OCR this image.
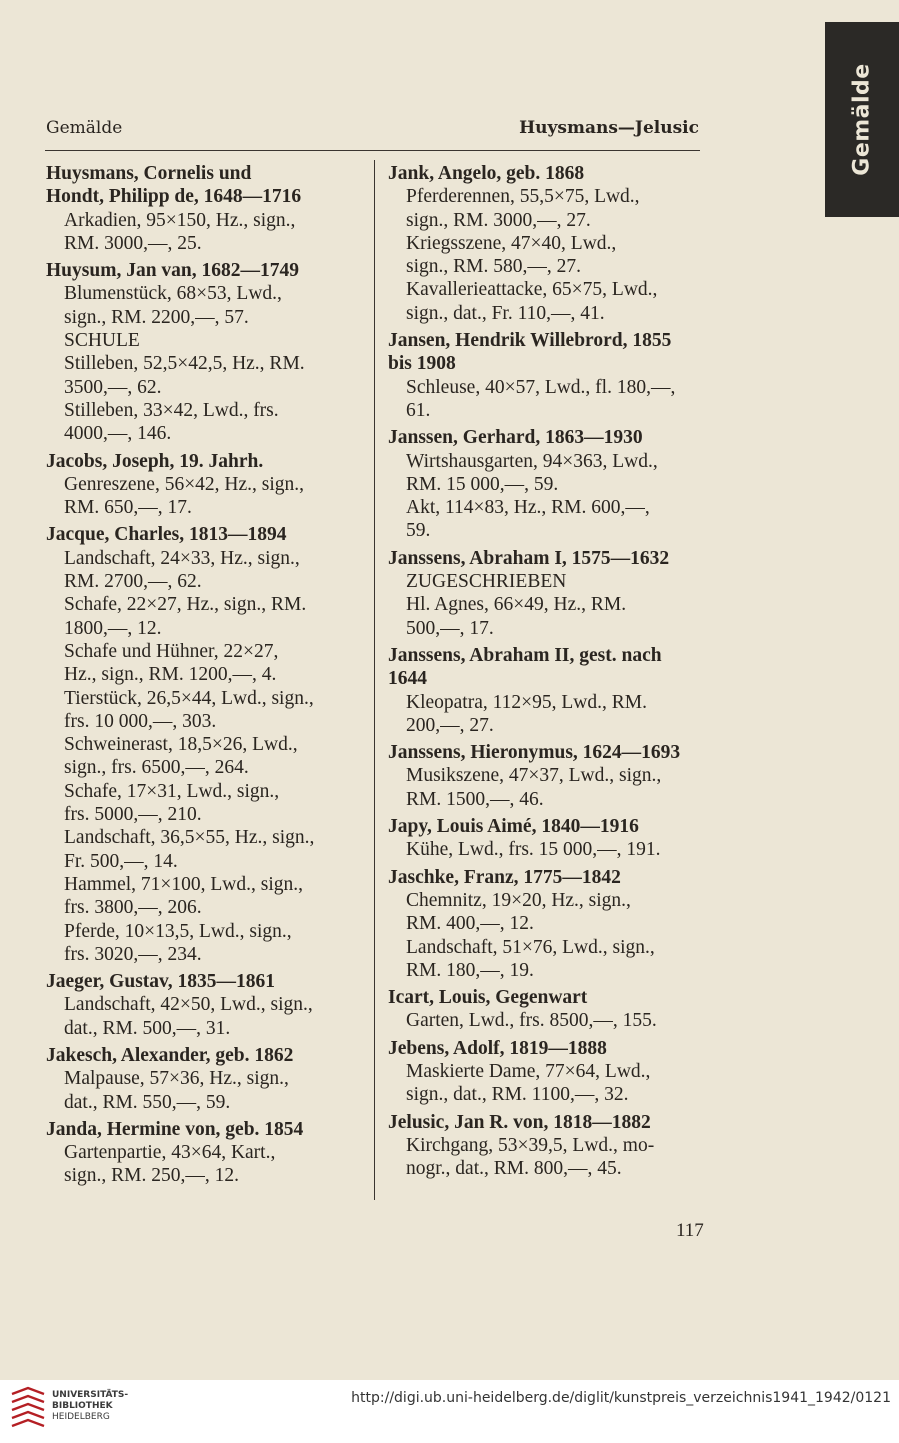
Gemälde
Gemälde	Huysmans—Jelusic
Huysmans, Cornelis und
Hondt, Philipp de, 1648—1716
Arkadien, 95×150, Hz., sign.,
RM. 3000,—, 25.
Huysum, Jan van, 1682—1749
Blumenstück, 68×53, Lwd.,
sign., RM. 2200,—, 57.
SCHULE
Stilleben, 52,5×42,5, Hz., RM.
3500,—, 62.
Stilleben, 33×42, Lwd., frs.
4000,—, 146.
Jacobs, Joseph, 19. Jahrh.
Genreszene, 56×42, Hz., sign.,
RM. 650,—, 17.
Jacque, Charles, 1813—1894
Landschaft, 24×33, Hz., sign.,
RM. 2700,—, 62.
Schafe, 22×27, Hz., sign., RM.
1800,—, 12.
Schafe und Hühner, 22×27,
Hz., sign., RM. 1200,—, 4.
Tierstück, 26,5×44, Lwd., sign.,
frs. 10 000,—, 303.
Schweinerast, 18,5×26, Lwd.,
sign., frs. 6500,—, 264.
Schafe, 17×31, Lwd., sign.,
frs. 5000,—, 210.
Landschaft, 36,5×55, Hz., sign.,
Fr. 500,—, 14.
Hammel, 71×100, Lwd., sign.,
frs. 3800,—, 206.
Pferde, 10×13,5, Lwd., sign.,
frs. 3020,—, 234.
Jaeger, Gustav, 1835—1861
Landschaft, 42×50, Lwd., sign.,
dat., RM. 500,—, 31.
Jakesch, Alexander, geb. 1862
Malpause, 57×36, Hz., sign.,
dat., RM. 550,—, 59.
Janda, Hermine von, geb. 1854
Gartenpartie, 43×64, Kart.,
sign., RM. 250,—, 12.
Jank, Angelo, geb. 1868
Pferderennen, 55,5×75, Lwd.,
sign., RM. 3000,—, 27.
Kriegsszene, 47×40, Lwd.,
sign., RM. 580,—, 27.
Kavallerieattacke, 65×75, Lwd.,
sign., dat., Fr. 110,—, 41.
Jansen, Hendrik Willebrord, 1855
bis 1908
Schleuse, 40×57, Lwd., fl. 180,—,
61.
Janssen, Gerhard, 1863—1930
Wirtshausgarten, 94×363, Lwd.,
RM. 15 000,—, 59.
Akt, 114×83, Hz., RM. 600,—,
59.
Janssens, Abraham I, 1575—1632
ZUGESCHRIEBEN
Hl. Agnes, 66×49, Hz., RM.
500,—, 17.
Janssens, Abraham II, gest. nach
1644
Kleopatra, 112×95, Lwd., RM.
200,—, 27.
Janssens, Hieronymus, 1624—1693
Musikszene, 47×37, Lwd., sign.,
RM. 1500,—, 46.
Japy, Louis Aimé, 1840—1916
Kühe, Lwd., frs. 15 000,—, 191.
Jaschke, Franz, 1775—1842
Chemnitz, 19×20, Hz., sign.,
RM. 400,—, 12.
Landschaft, 51×76, Lwd., sign.,
RM. 180,—, 19.
Icart, Louis, Gegenwart
Garten, Lwd., frs. 8500,—, 155.
Jebens, Adolf, 1819—1888
Maskierte Dame, 77×64, Lwd.,
sign., dat., RM. 1100,—, 32.
Jelusic, Jan R. von, 1818—1882
Kirchgang, 53×39,5, Lwd., mo-
nogr., dat., RM. 800,—, 45.
117
UNIVERSITÄTS-
BIBLIOTHEK
HEIDELBERG
http://digi.ub.uni-heidelberg.de/diglit/kunstpreis_verzeichnis1941_1942/0121
